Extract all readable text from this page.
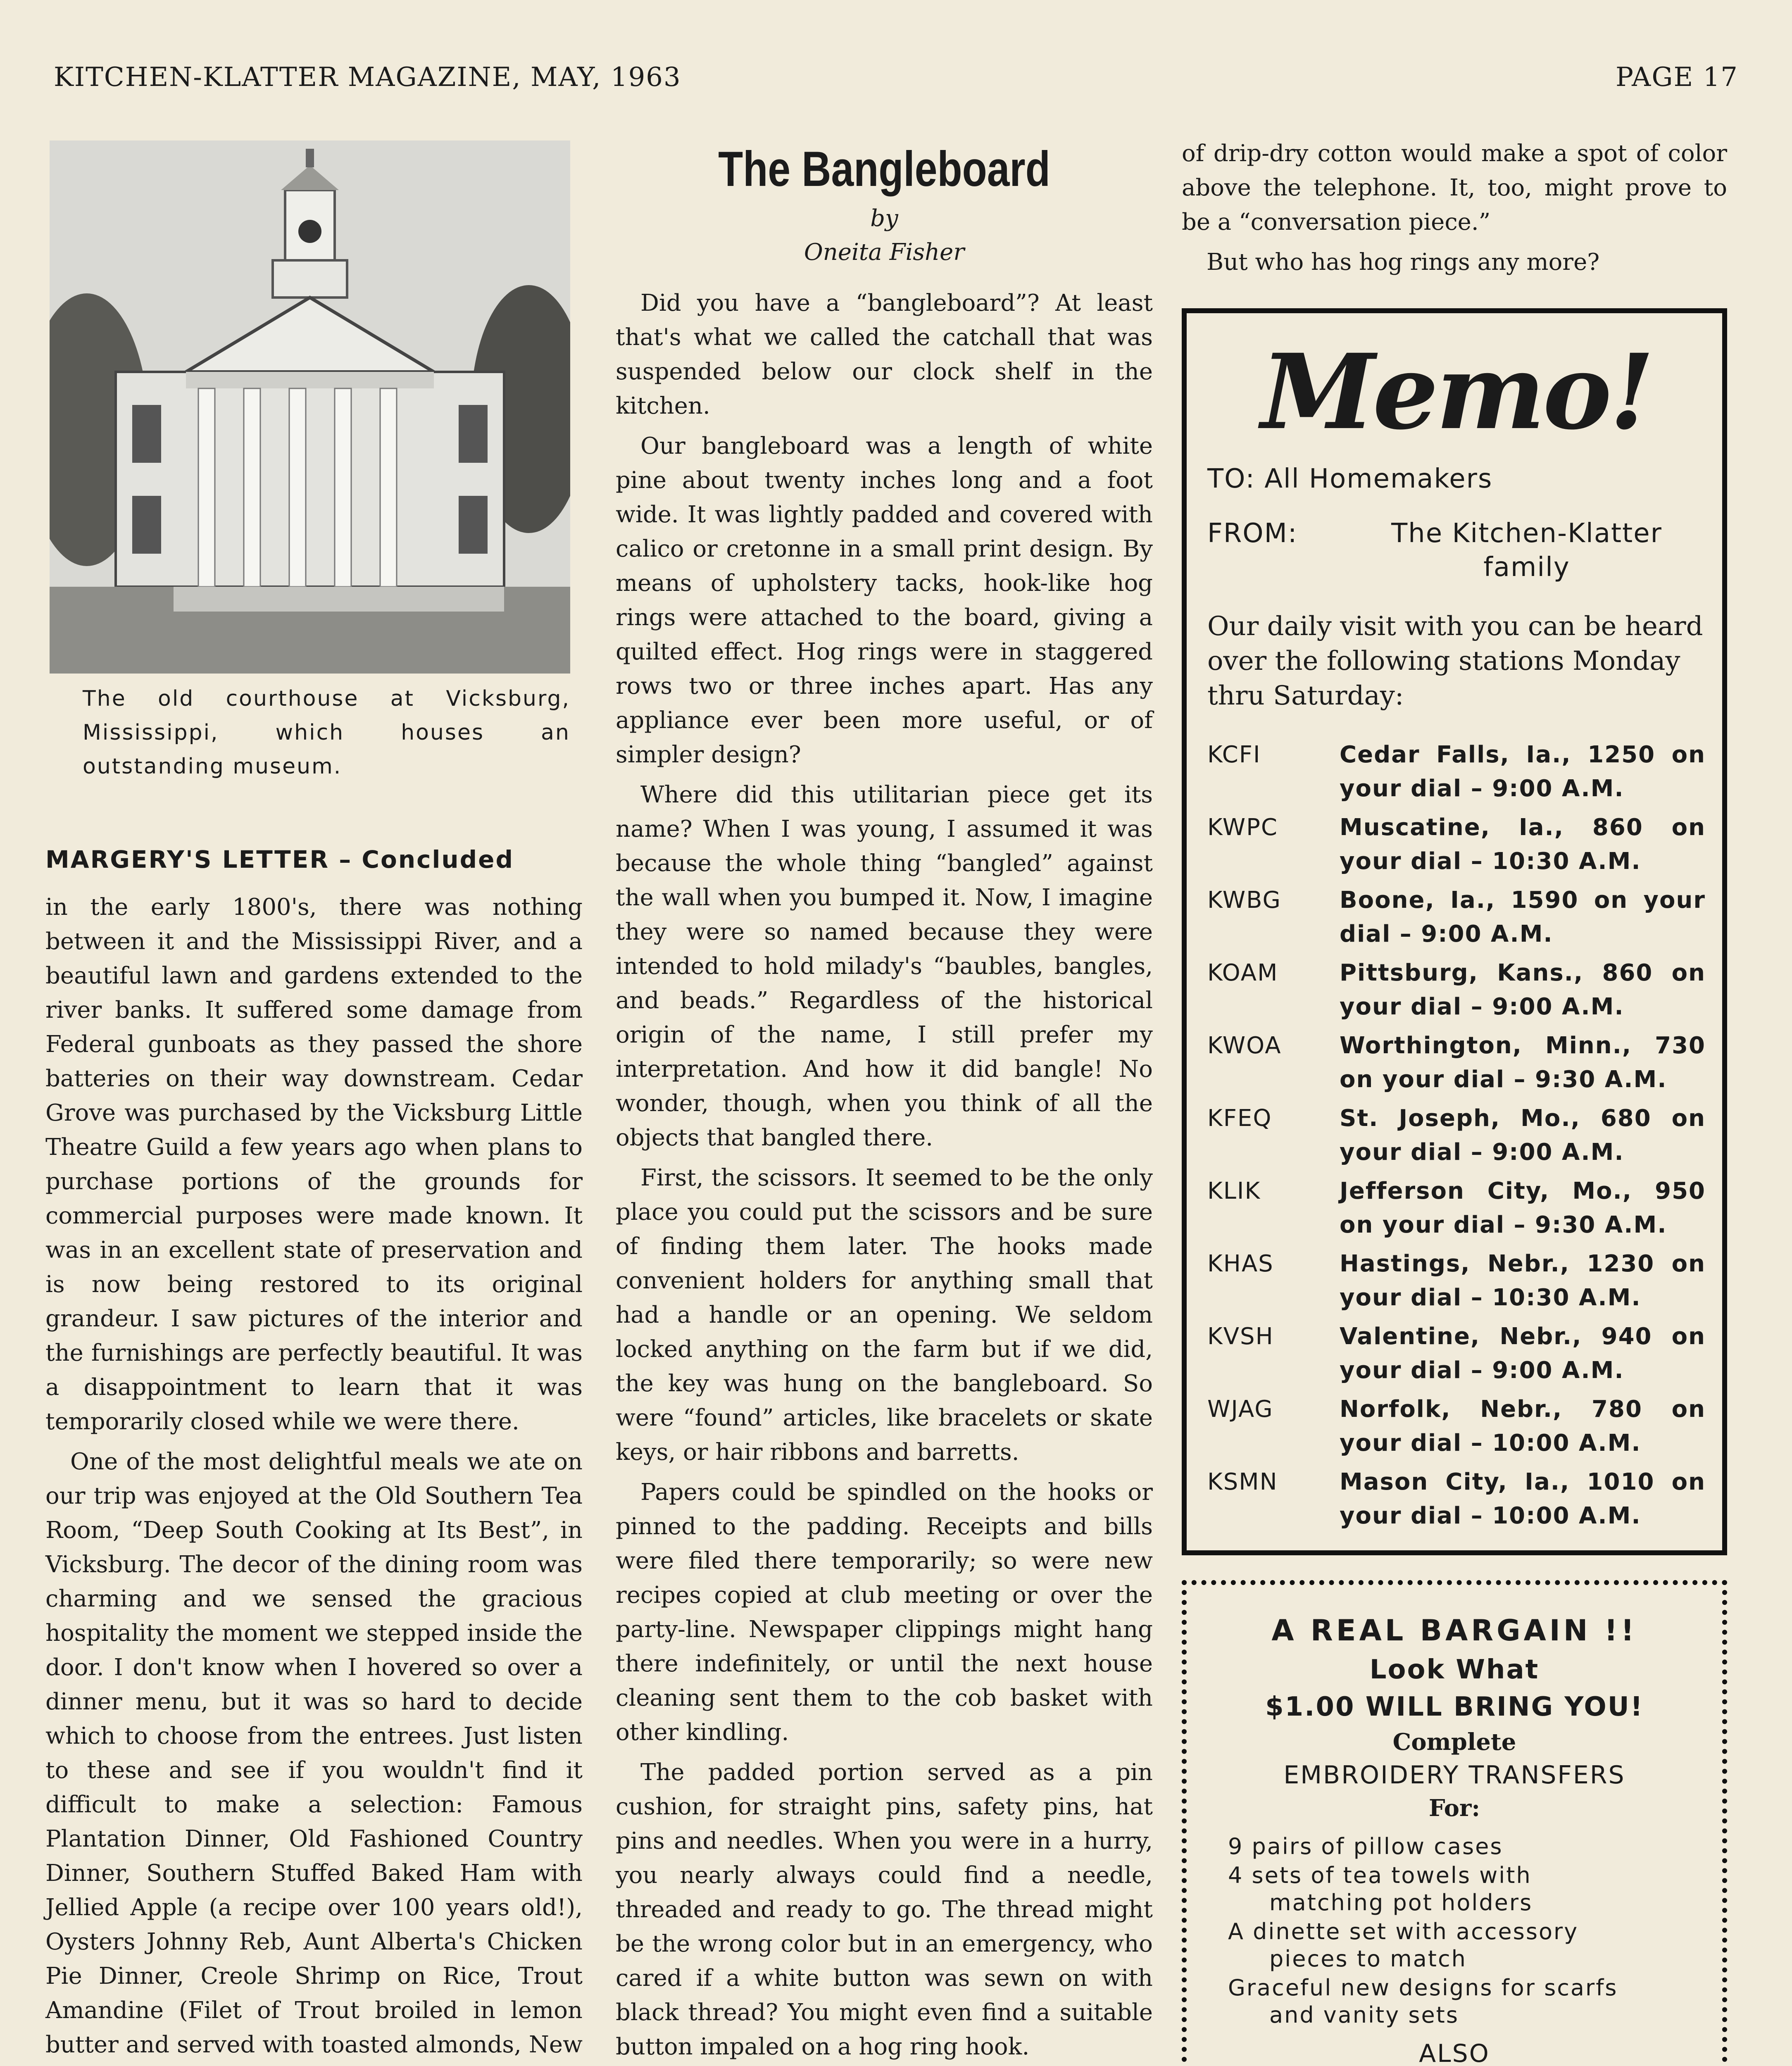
KITCHEN-KLATTER MAGAZINE, MAY, 1963	PAGE 17
The old courthouse at Vicksburg, Mississippi, which houses an outstanding museum.
MARGERY'S LETTER – Concluded

in the early 1800's, there was nothing between it and the Mississippi River, and a beautiful lawn and gardens extended to the river banks. It suffered some damage from Federal gunboats as they passed the shore batteries on their way downstream. Cedar Grove was purchased by the Vicksburg Little Theatre Guild a few years ago when plans to purchase portions of the grounds for commercial purposes were made known. It was in an excellent state of preservation and is now being restored to its original grandeur. I saw pictures of the interior and the furnishings are perfectly beautiful. It was a disappointment to learn that it was temporarily closed while we were there.

One of the most delightful meals we ate on our trip was enjoyed at the Old Southern Tea Room, “Deep South Cooking at Its Best”, in Vicksburg. The decor of the dining room was charming and we sensed the gracious hospitality the moment we stepped inside the door. I don't know when I hovered so over a dinner menu, but it was so hard to decide which to choose from the entrees. Just listen to these and see if you wouldn't find it difficult to make a selection: Famous Plantation Dinner, Old Fashioned Country Dinner, Southern Stuffed Baked Ham with Jellied Apple (a recipe over 100 years old!), Oysters Johnny Reb, Aunt Alberta's Chicken Pie Dinner, Creole Shrimp on Rice, Trout Amandine (Filet of Trout broiled in lemon butter and served with toasted almonds, New

The Bangleboard
by
Oneita Fisher

Did you have a “bangleboard”? At least that's what we called the catchall that was suspended below our clock shelf in the kitchen.

Our bangleboard was a length of white pine about twenty inches long and a foot wide. It was lightly padded and covered with calico or cretonne in a small print design. By means of upholstery tacks, hook-like hog rings were attached to the board, giving a quilted effect. Hog rings were in staggered rows two or three inches apart. Has any appliance ever been more useful, or of simpler design?

Where did this utilitarian piece get its name? When I was young, I assumed it was because the whole thing “bangled” against the wall when you bumped it. Now, I imagine they were so named because they were intended to hold milady's “baubles, bangles, and beads.” Regardless of the historical origin of the name, I still prefer my interpretation. And how it did bangle! No wonder, though, when you think of all the objects that bangled there.

First, the scissors. It seemed to be the only place you could put the scissors and be sure of finding them later. The hooks made convenient holders for anything small that had a handle or an opening. We seldom locked anything on the farm but if we did, the key was hung on the bangleboard. So were “found” articles, like bracelets or skate keys, or hair ribbons and barretts.

Papers could be spindled on the hooks or pinned to the padding. Receipts and bills were filed there temporarily; so were new recipes copied at club meeting or over the party-line. Newspaper clippings might hang there indefinitely, or until the next house cleaning sent them to the cob basket with other kindling.

The padded portion served as a pin cushion, for straight pins, safety pins, hat pins and needles. When you were in a hurry, you nearly always could find a needle, threaded and ready to go. The thread might be the wrong color but in an emergency, who cared if a white button was sewn on with black thread? You might even find a suitable button impaled on a hog ring hook.

of drip-dry cotton would make a spot of color above the telephone. It, too, might prove to be a “conversation piece.”

But who has hog rings any more?

Memo!
TO: All Homemakers
FROM:	The Kitchen-Klatter family
Our daily visit with you can be heard over the following stations Monday thru Saturday:
KCFI	Cedar Falls, Ia., 1250 on your dial – 9:00 A.M.
KWPC	Muscatine, Ia., 860 on your dial – 10:30 A.M.
KWBG	Boone, Ia., 1590 on your dial – 9:00 A.M.
KOAM	Pittsburg, Kans., 860 on your dial – 9:00 A.M.
KWOA	Worthington, Minn., 730 on your dial – 9:30 A.M.
KFEQ	St. Joseph, Mo., 680 on your dial – 9:00 A.M.
KLIK	Jefferson City, Mo., 950 on your dial – 9:30 A.M.
KHAS	Hastings, Nebr., 1230 on your dial – 10:30 A.M.
KVSH	Valentine, Nebr., 940 on your dial – 9:00 A.M.
WJAG	Norfolk, Nebr., 780 on your dial – 10:00 A.M.
KSMN	Mason City, Ia., 1010 on your dial – 10:00 A.M.
A REAL BARGAIN !!
Look What
$1.00 WILL BRING YOU!
Complete
EMBROIDERY TRANSFERS
For:
9 pairs of pillow cases
4 sets of tea towels with
matching pot holders
A dinette set with accessory
pieces to match
Graceful new designs for scarfs
and vanity sets
ALSO
